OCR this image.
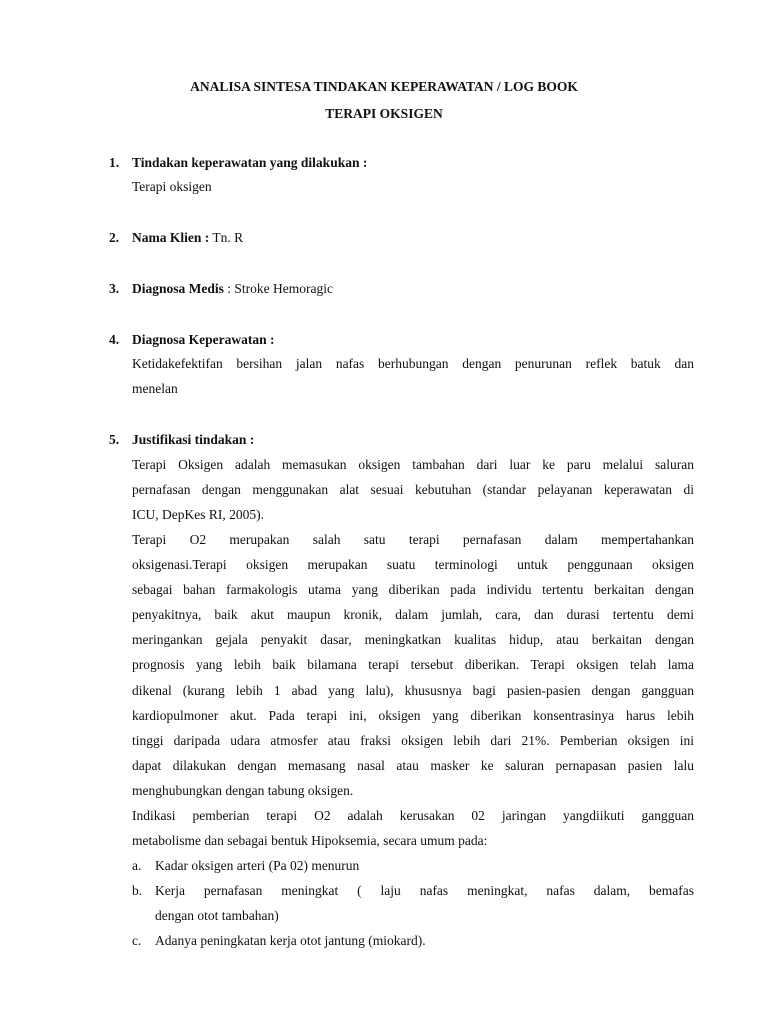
ANALISA SINTESA TINDAKAN KEPERAWATAN / LOG BOOK
TERAPI OKSIGEN
1. Tindakan keperawatan yang dilakukan :
Terapi oksigen
2. Nama Klien : Tn. R
3. Diagnosa Medis : Stroke Hemoragic
4. Diagnosa Keperawatan :
Ketidakefektifan bersihan jalan nafas berhubungan dengan penurunan reflek batuk dan
menelan
5. Justifikasi tindakan :
Terapi Oksigen adalah memasukan oksigen tambahan dari luar ke paru melalui saluran
pernafasan dengan menggunakan alat sesuai kebutuhan (standar pelayanan keperawatan di
ICU, DepKes RI, 2005).
Terapi O2 merupakan salah satu terapi pernafasan dalam mempertahankan
oksigenasi.Terapi oksigen merupakan suatu terminologi untuk penggunaan oksigen
sebagai bahan farmakologis utama yang diberikan pada individu tertentu berkaitan dengan
penyakitnya, baik akut maupun kronik, dalam jumlah, cara, dan durasi tertentu demi
meringankan gejala penyakit dasar, meningkatkan kualitas hidup, atau berkaitan dengan
prognosis yang lebih baik bilamana terapi tersebut diberikan. Terapi oksigen telah lama
dikenal (kurang lebih 1 abad yang lalu), khususnya bagi pasien-pasien dengan gangguan
kardiopulmoner akut. Pada terapi ini, oksigen yang diberikan konsentrasinya harus lebih
tinggi daripada udara atmosfer atau fraksi oksigen lebih dari 21%. Pemberian oksigen ini
dapat dilakukan dengan memasang nasal atau masker ke saluran pernapasan pasien lalu
menghubungkan dengan tabung oksigen.
Indikasi pemberian terapi O2 adalah kerusakan 02 jaringan yangdiikuti gangguan
metabolisme dan sebagai bentuk Hipoksemia, secara umum pada:
a. Kadar oksigen arteri (Pa 02) menurun
b. Kerja pernafasan meningkat ( laju nafas meningkat, nafas dalam, bemafas
dengan otot tambahan)
c. Adanya peningkatan kerja otot jantung (miokard).
